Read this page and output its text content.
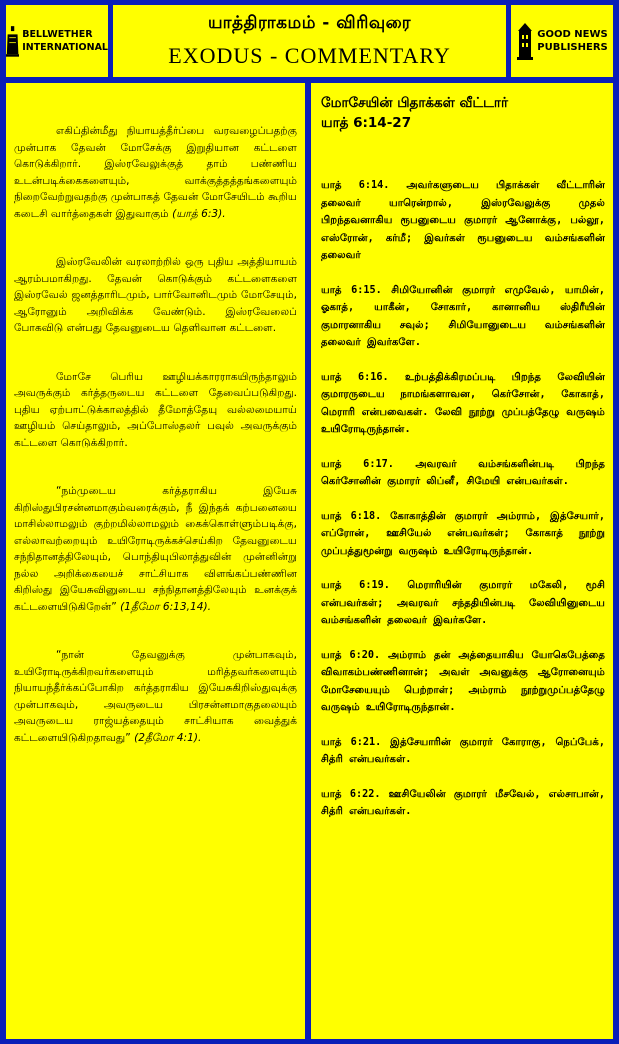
BELLWETHER
INTERNATIONAL
யாத்திராகமம் - விரிவுரை
EXODUS - COMMENTARY
GOOD NEWS
PUBLISHERS

எகிப்தின்மீது நியாயத்தீர்ப்பை வரவழைப்பதற்கு முன்பாக தேவன் மோசேக்கு இறுதியான கட்டளை கொடுக்கிறார். இஸ்ரவேலுக்குத் தாம் பண்ணிய உடன்படிக்கைகளையும், வாக்குத்தத்தங்களையும் நிறைவேற்றுவதற்கு முன்பாகத் தேவன் மோசேயிடம் கூறிய கடைசி வார்த்தைகள் இதுவாகும் (யாத் 6:3).

இஸ்ரவேலின் வரலாற்றில் ஒரு புதிய அத்தியாயம் ஆரம்பமாகிறது. தேவன் கொடுக்கும் கட்டளைகளை இஸ்ரவேல் ஜனத்தாரிடமும், பார்வோனிடமும் மோசேயும், ஆரோனும் அறிவிக்க வேண்டும். இஸ்ரவேலைப் போகவிடு என்பது தேவனுடைய தெளிவான கட்டளை.

மோசே பெரிய ஊழியக்காரராகயிருந்தாலும் அவருக்கும் கர்த்தருடைய கட்டளை தேவைப்படுகிறது. புதிய ஏற்பாட்டுக்காலத்தில் தீமோத்தேயு வல்லமையாய் ஊழியம் செய்தாலும், அப்போஸ்தலர் பவுல் அவருக்கும் கட்டளை கொடுக்கிறார்.

“நம்முடைய கர்த்தராகிய இயேசு கிறிஸ்துபிரசன்னமாகும்வரைக்கும், நீ இந்தக் கற்பனையை மாசில்லாமலும் குற்றமில்லாமலும் கைக்கொள்ளும்படிக்கு, எல்லாவற்றையும் உயிரோடிருக்கச்செய்கிற தேவனுடைய சந்நிதானத்திலேயும், பொந்தியுபிலாத்துவின் முன்னின்று நல்ல அறிக்கையைச் சாட்சியாக விளங்கப்பண்ணின கிறிஸ்து இயேசுவினுடைய சந்நிதானத்திலேயும் உனக்குக் கட்டளையிடுகிறேன்” (1தீமோ 6:13,14).

“நான் தேவனுக்கு முன்பாகவும், உயிரோடிருக்கிறவர்களையும் மரித்தவர்களையும் நியாயந்தீர்க்கப்போகிற கர்த்தராகிய இயேசுகிறிஸ்துவுக்கு முன்பாகவும், அவருடைய பிரசன்னமாகுதலையும் அவருடைய ராஜ்யத்தையும் சாட்சியாக வைத்துக் கட்டளையிடுகிறதாவது” (2தீமோ 4:1).

மோசேயின் பிதாக்கள் வீட்டார்
யாத் 6:14-27

யாத் 6:14. அவர்களுடைய பிதாக்கள் வீட்டாரின் தலைவர் யாரென்றால், இஸ்ரவேலுக்கு முதல் பிறந்தவனாகிய ரூபனுடைய குமாரர் ஆனோக்கு, பல்லூ, எஸ்ரோன், கர்மீ; இவர்கள் ரூபனுடைய வம்சங்களின் தலைவர்

யாத் 6:15. சிமியோனின் குமாரர் எமுவேல், யாமின், ஓகாத், யாகீன், சோகார், கானானிய ஸ்திரீயின் குமாரனாகிய சவுல்; சிமியோனுடைய வம்சங்களின் தலைவர் இவர்களே.

யாத் 6:16. உற்பத்திக்கிரமப்படி பிறந்த லேவியின் குமாரருடைய நாமங்களாவன, கெர்சோன், கோகாத், மெராரி என்பவைகள். லேவி நூற்று முப்பத்தேழு வருஷம் உயிரோடிருந்தான்.

யாத் 6:17. அவரவர் வம்சங்களின்படி பிறந்த கெர்சோனின் குமாரர் லிப்னீ, சிமேயி என்பவர்கள்.

யாத் 6:18. கோகாத்தின் குமாரர் அம்ராம், இத்சேயார், எப்ரோன், ஊசியேல் என்பவர்கள்; கோகாத் நூற்று முப்பத்துமூன்று வருஷம் உயிரோடிருந்தான்.

யாத் 6:19. மெராரியின் குமாரர் மகேலி, மூசி என்பவர்கள்; அவரவர் சந்ததியின்படி லேவியினுடைய வம்சங்களின் தலைவர் இவர்களே.

யாத் 6:20. அம்ராம் தன் அத்தையாகிய யோகெபேத்தை விவாகம்பண்ணினான்; அவள் அவனுக்கு ஆரோனையும் மோசேயையும் பெற்றாள்; அம்ராம் நூற்றுமுப்பத்தேழு வருஷம் உயிரோடிருந்தான்.

யாத் 6:21. இத்சேயாரின் குமாரர் கோராகு, நெப்பேக், சித்ரி என்பவர்கள்.

யாத் 6:22. ஊசியேலின் குமாரர் மீசவேல், எல்சாபான், சித்ரி என்பவர்கள்.
